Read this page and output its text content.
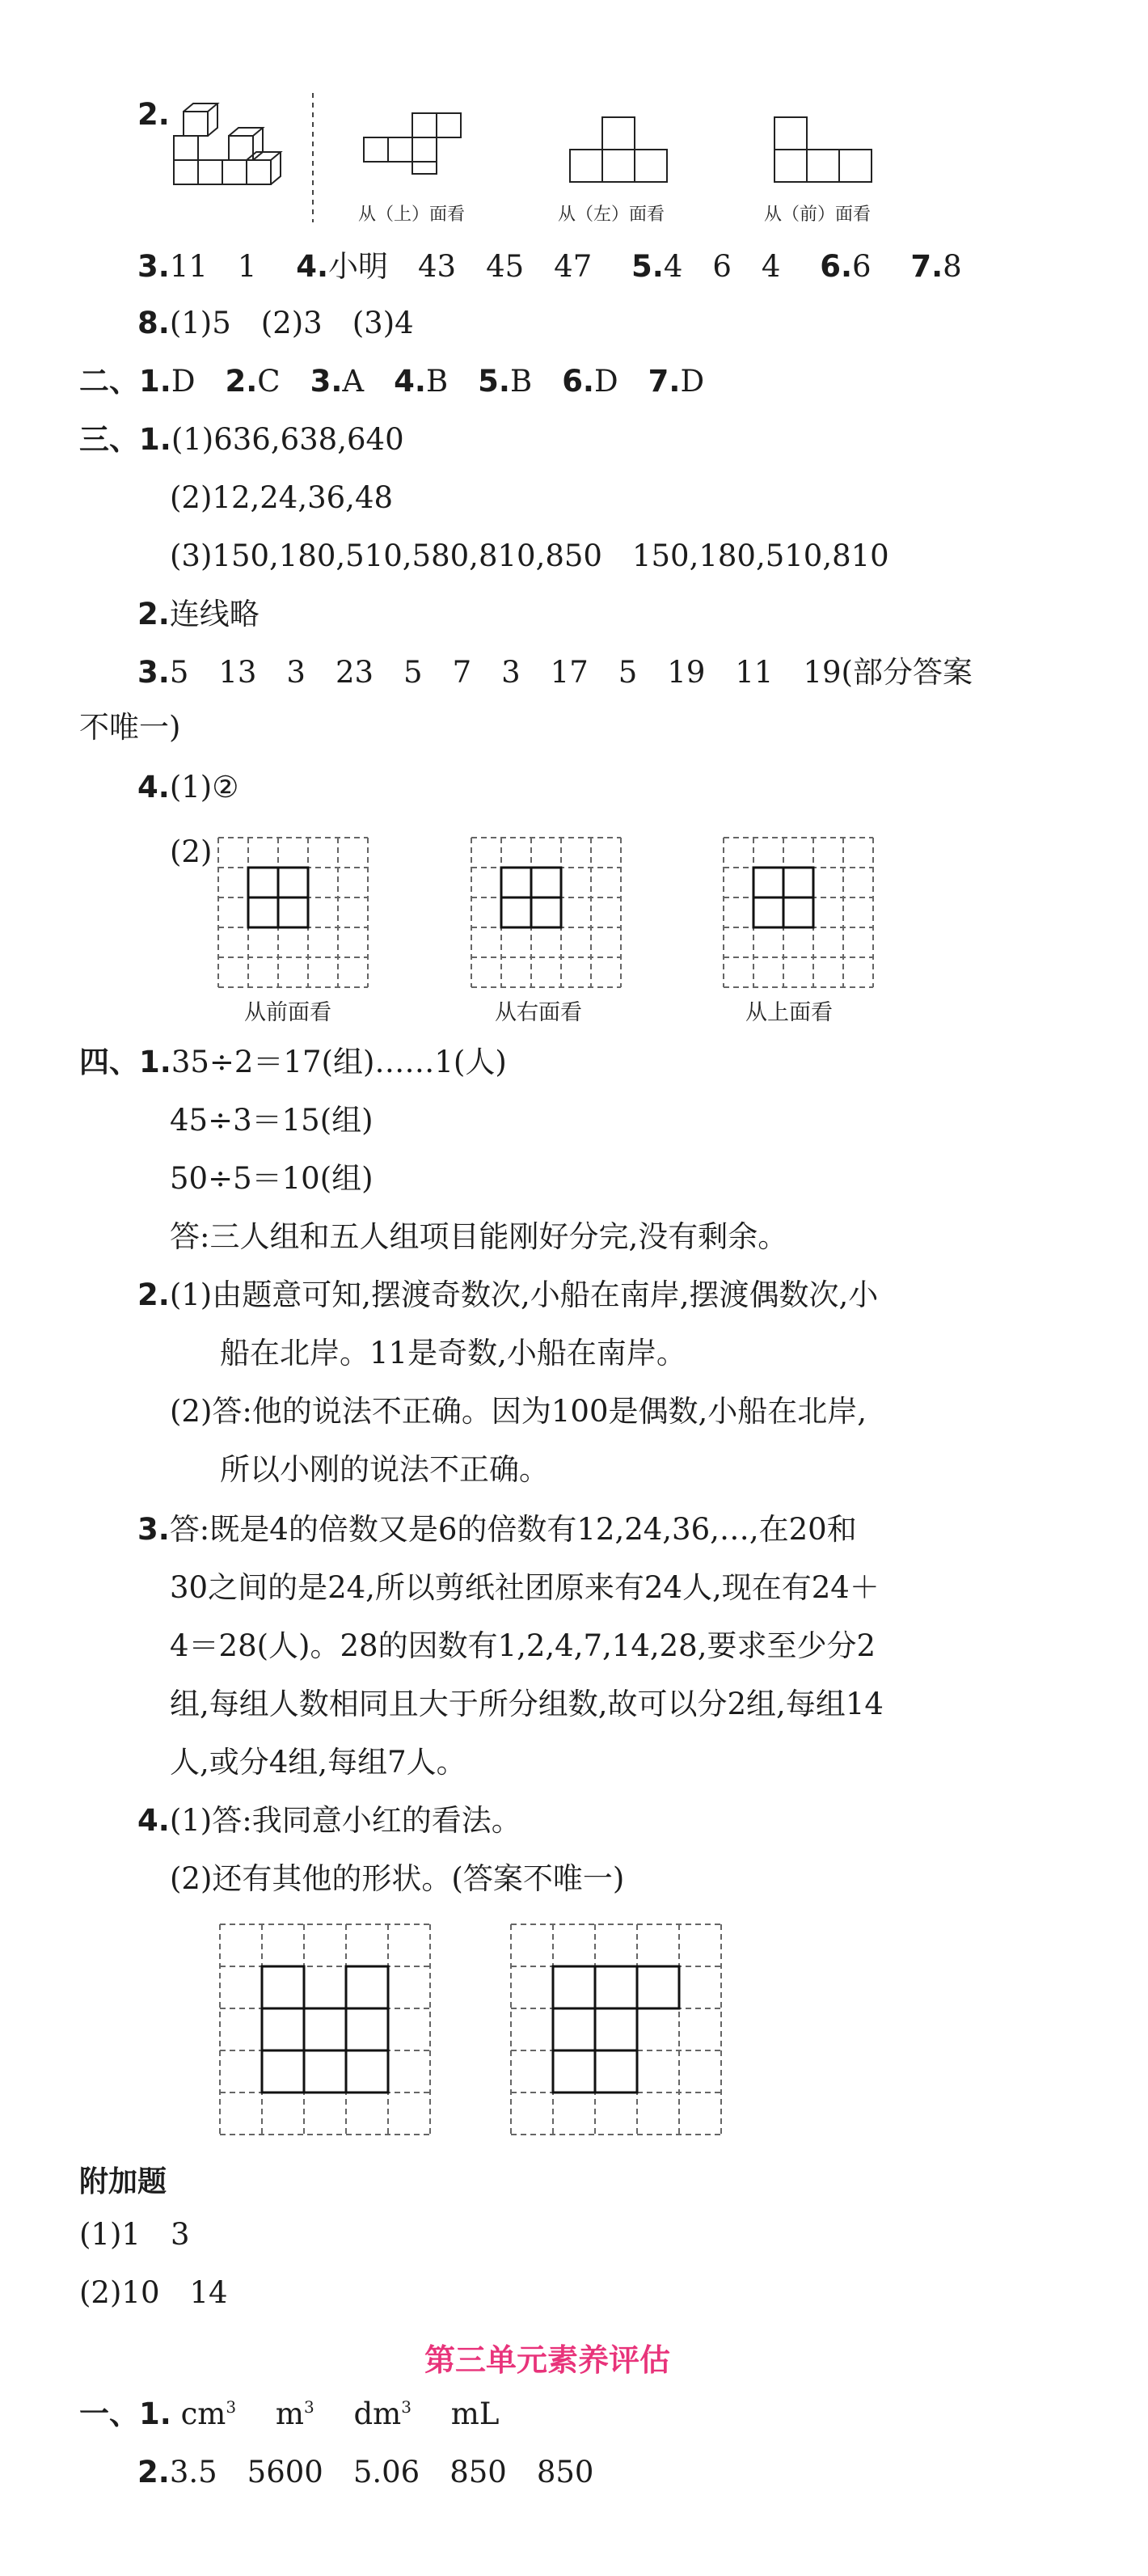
2.
从（上）面看	从（左）面看	从（前）面看
3.11　1　 4.小明　43　45　47　 5.4　6　4　 6.6　 7.8
8.(1)5　(2)3　(3)4
二、1.D　 2.C　 3.A　 4.B　 5.B　 6.D　 7.D
三、1.(1)636,638,640
(2)12,24,36,48
(3)150,180,510,580,810,850　150,180,510,810
2.连线略
3.5　13　3　23　5　7　3　17　5　19　11　19(部分答案
不唯一)
4.(1)②
(2)
从前面看	从右面看	从上面看
四、1.35÷2＝17(组)……1(人)
45÷3＝15(组)
50÷5＝10(组)
答:三人组和五人组项目能刚好分完,没有剩余。
2.(1)由题意可知,摆渡奇数次,小船在南岸,摆渡偶数次,小
船在北岸。11是奇数,小船在南岸。
(2)答:他的说法不正确。因为100是偶数,小船在北岸,
所以小刚的说法不正确。
3.答:既是4的倍数又是6的倍数有12,24,36,…,在20和
30之间的是24,所以剪纸社团原来有24人,现在有24＋
4＝28(人)。28的因数有1,2,4,7,14,28,要求至少分2
组,每组人数相同且大于所分组数,故可以分2组,每组14
人,或分4组,每组7人。
4.(1)答:我同意小红的看法。
(2)还有其他的形状。(答案不唯一)
附加题
(1)1　3
(2)10　14
第三单元素养评估
一、1. $cm^3$　 $m^3$　 $dm^3$　 mL
2.3.5　5600　5.06　850　850
